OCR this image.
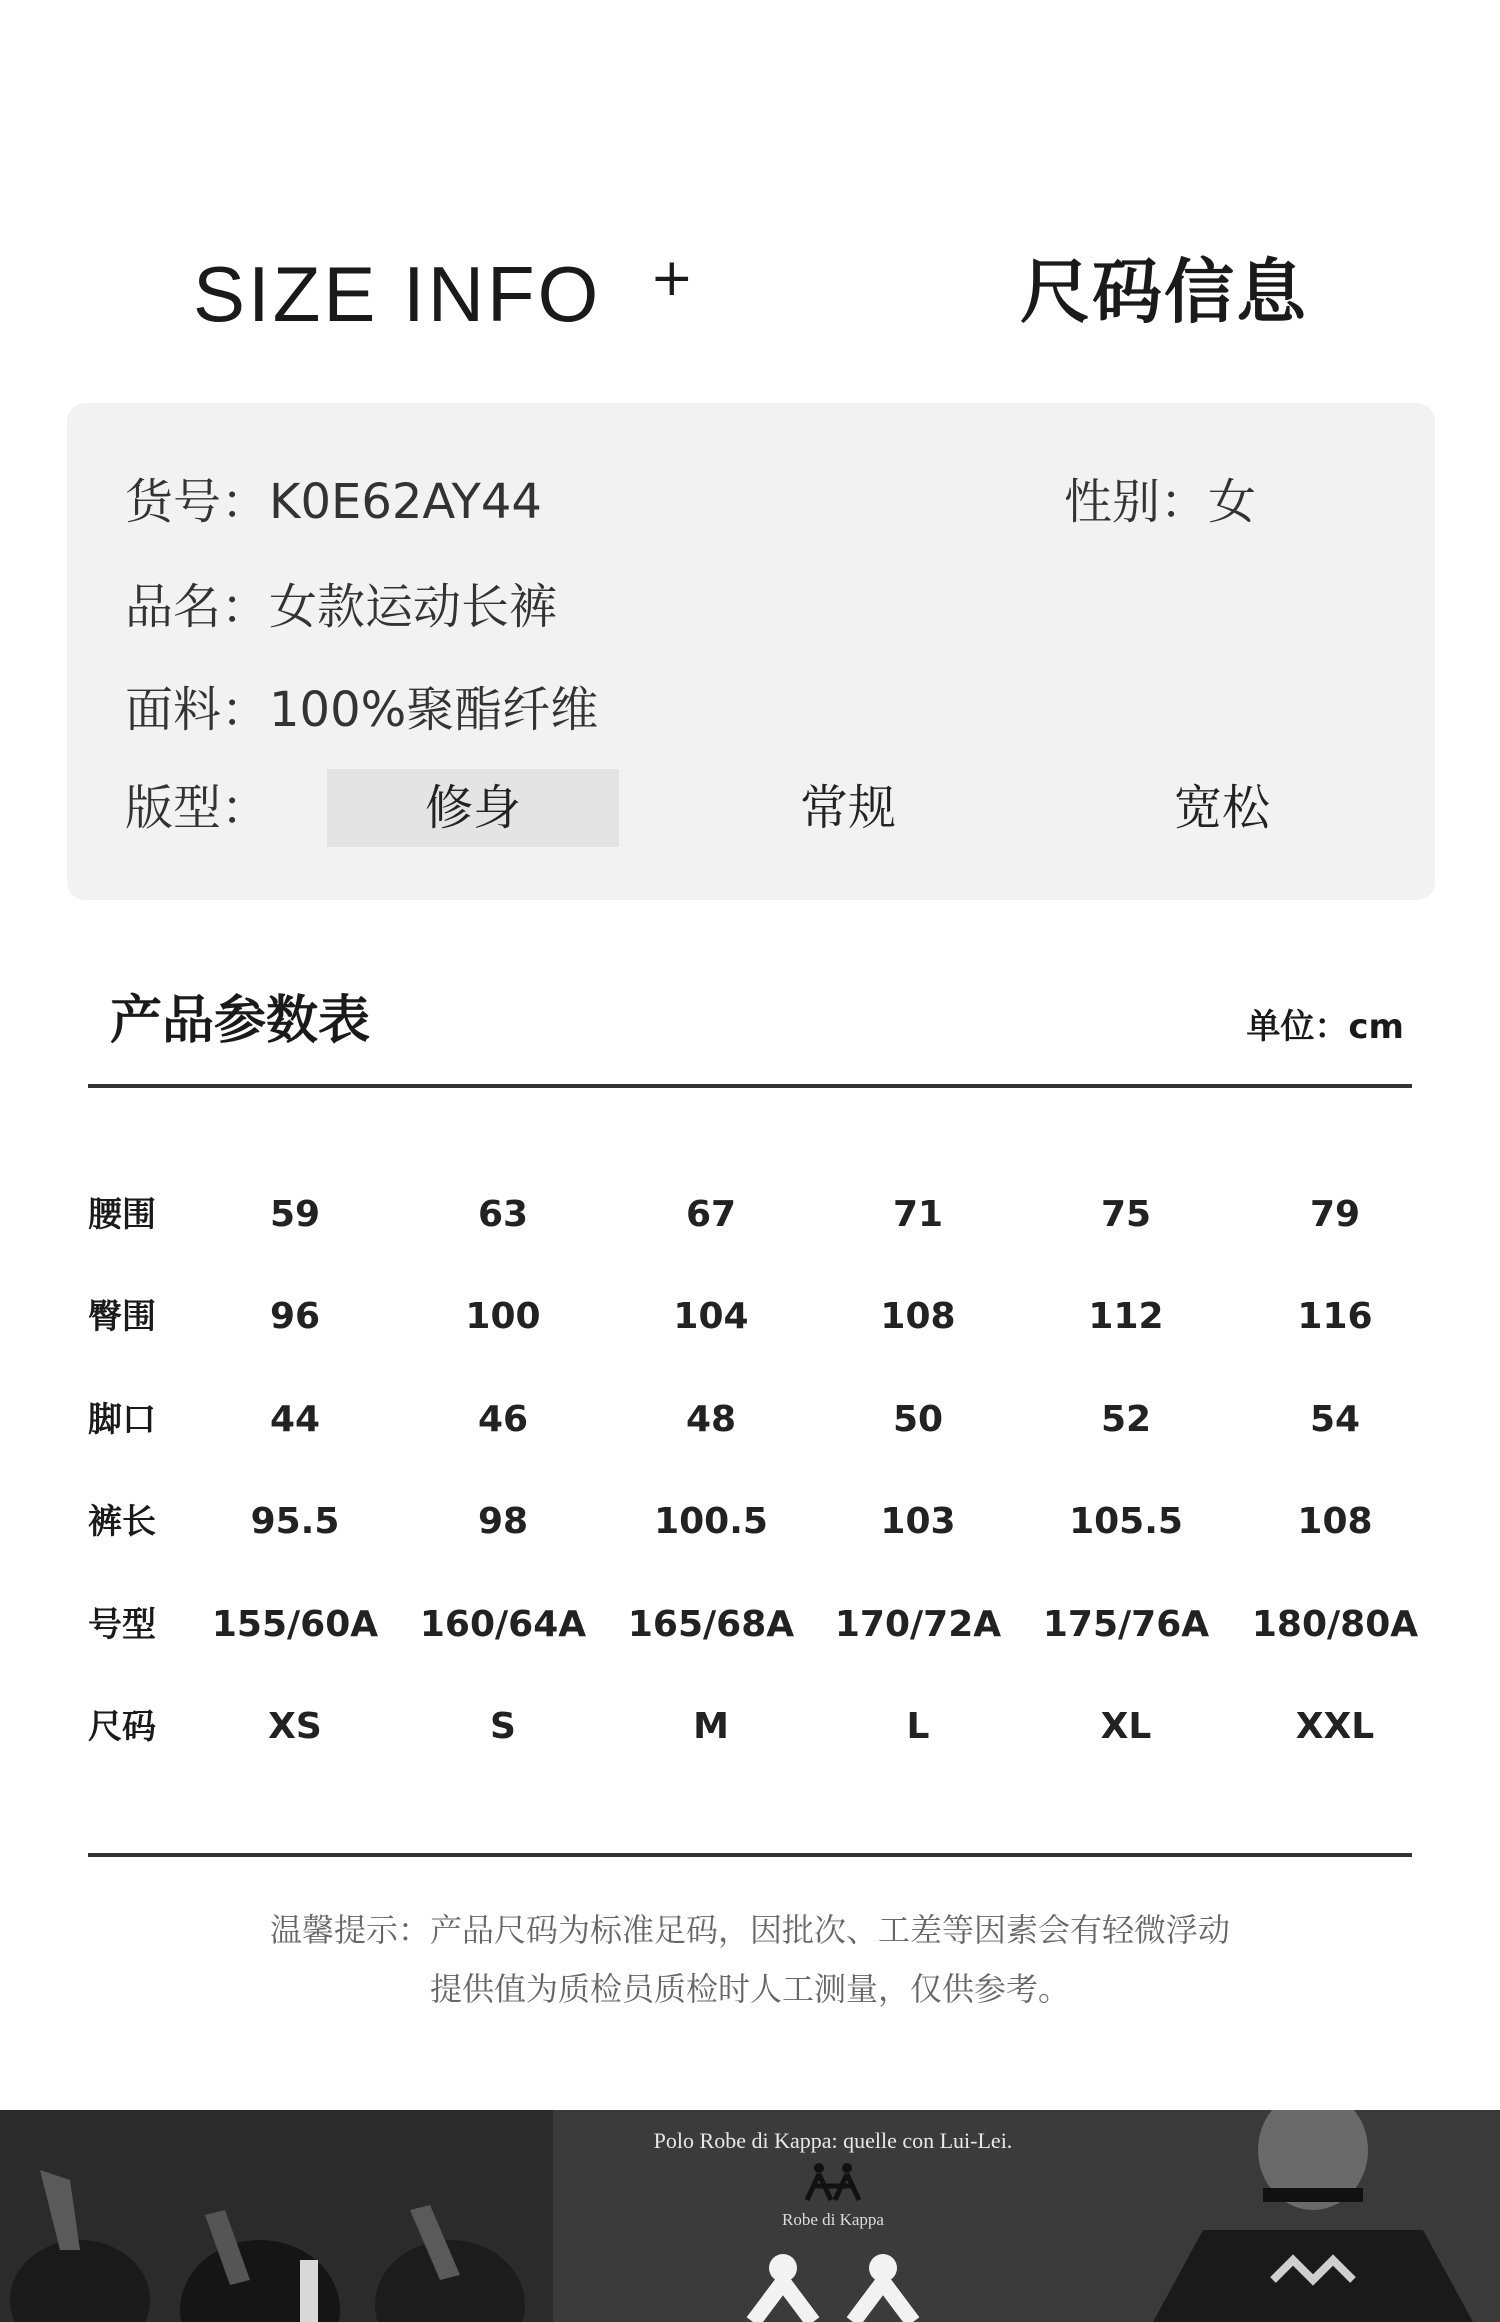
SIZE INFO +	尺码信息
货号：K0E62AY44	性别：女
品名：女款运动长裤
面料：100%聚酯纤维
版型：	修身	常规	宽松
产品参数表	单位：cm
腰围	59	63	67	71	75	79
臀围	96	100	104	108	112	116
脚口	44	46	48	50	52	54
裤长	95.5	98	100.5	103	105.5	108
号型	155/60A 160/64A 165/68A 170/72A 175/76A 180/80A
尺码	XS	S	M	L	XL	XXL
温馨提示：产品尺码为标准足码，因批次、工差等因素会有轻微浮动
提供值为质检员质检时人工测量，仅供参考。
Polo Robe di Kappa: quelle con Lui-Lei.
Robe di Kappa
